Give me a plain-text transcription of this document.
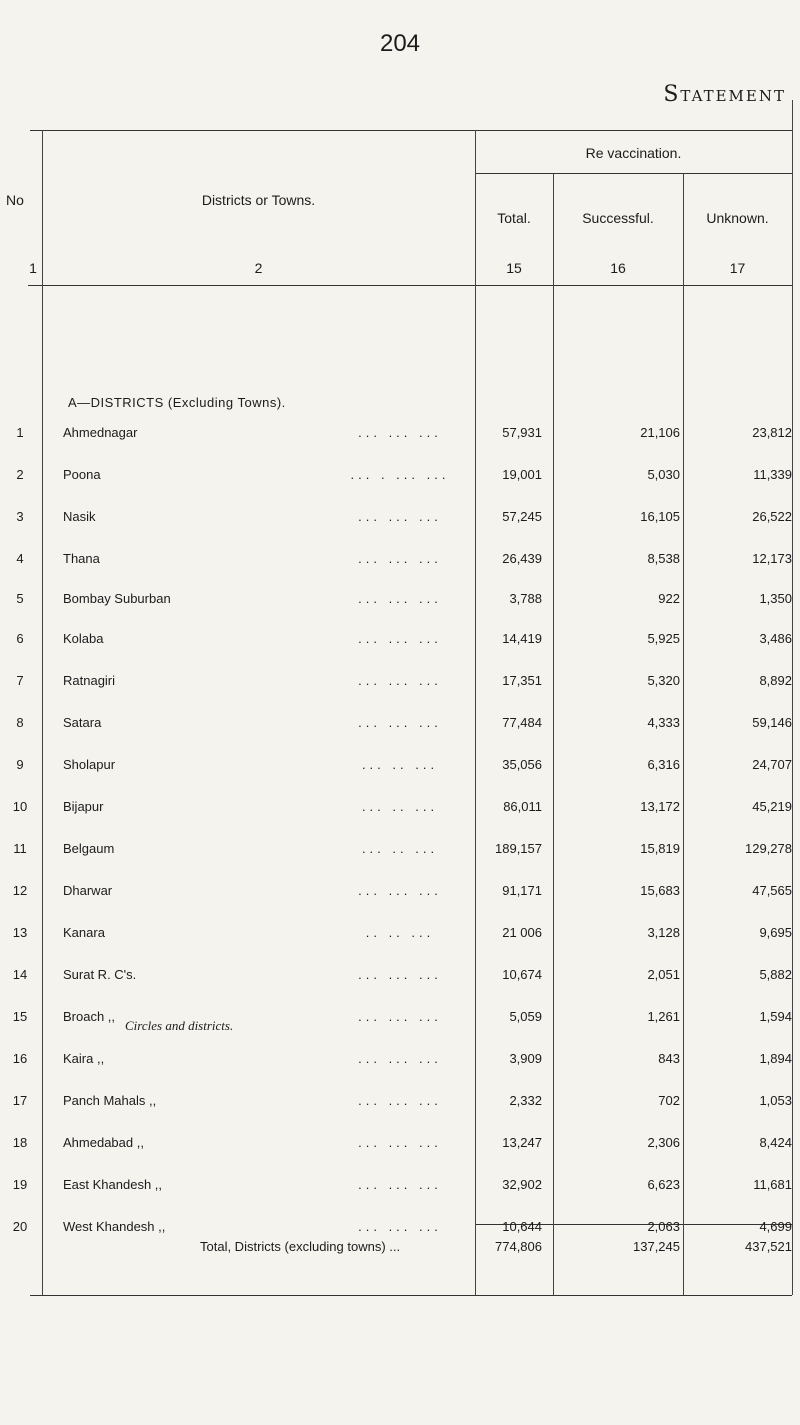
204
Statement
Re vaccination.
No	Districts or Towns.
Total.	Successful.	Unknown.
1	2	15	16	17
A—DISTRICTS (Excluding Towns).
Circles and districts.
1	Ahmednagar	... ... ...	57,931	21,106	23,812
2	Poona	... . ... ...	19,001	5,030	11,339
3	Nasik	... ... ...	57,245	16,105	26,522
4	Thana	... ... ...	26,439	8,538	12,173
5	Bombay Suburban	... ... ...	3,788	922	1,350
6	Kolaba	... ... ...	14,419	5,925	3,486
7	Ratnagiri	... ... ...	17,351	5,320	8,892
8	Satara	... ... ...	77,484	4,333	59,146
9	Sholapur	... .. ...	35,056	6,316	24,707
10	Bijapur	... .. ...	86,011	13,172	45,219
11	Belgaum	... .. ...	189,157	15,819	129,278
12	Dharwar	... ... ...	91,171	15,683	47,565
13	Kanara	.. .. ...	21 006	3,128	9,695
14	Surat R. C's.	... ... ...	10,674	2,051	5,882
15	Broach ,,	... ... ...	5,059	1,261	1,594
16	Kaira ,,	... ... ...	3,909	843	1,894
17	Panch Mahals ,,	... ... ...	2,332	702	1,053
18	Ahmedabad ,,	... ... ...	13,247	2,306	8,424
19	East Khandesh ,,	... ... ...	32,902	6,623	11,681
20	West Khandesh ,,	... ... ...	10,644	2,063	4,699
Total, Districts (excluding towns) ...	774,806	137,245	437,521
